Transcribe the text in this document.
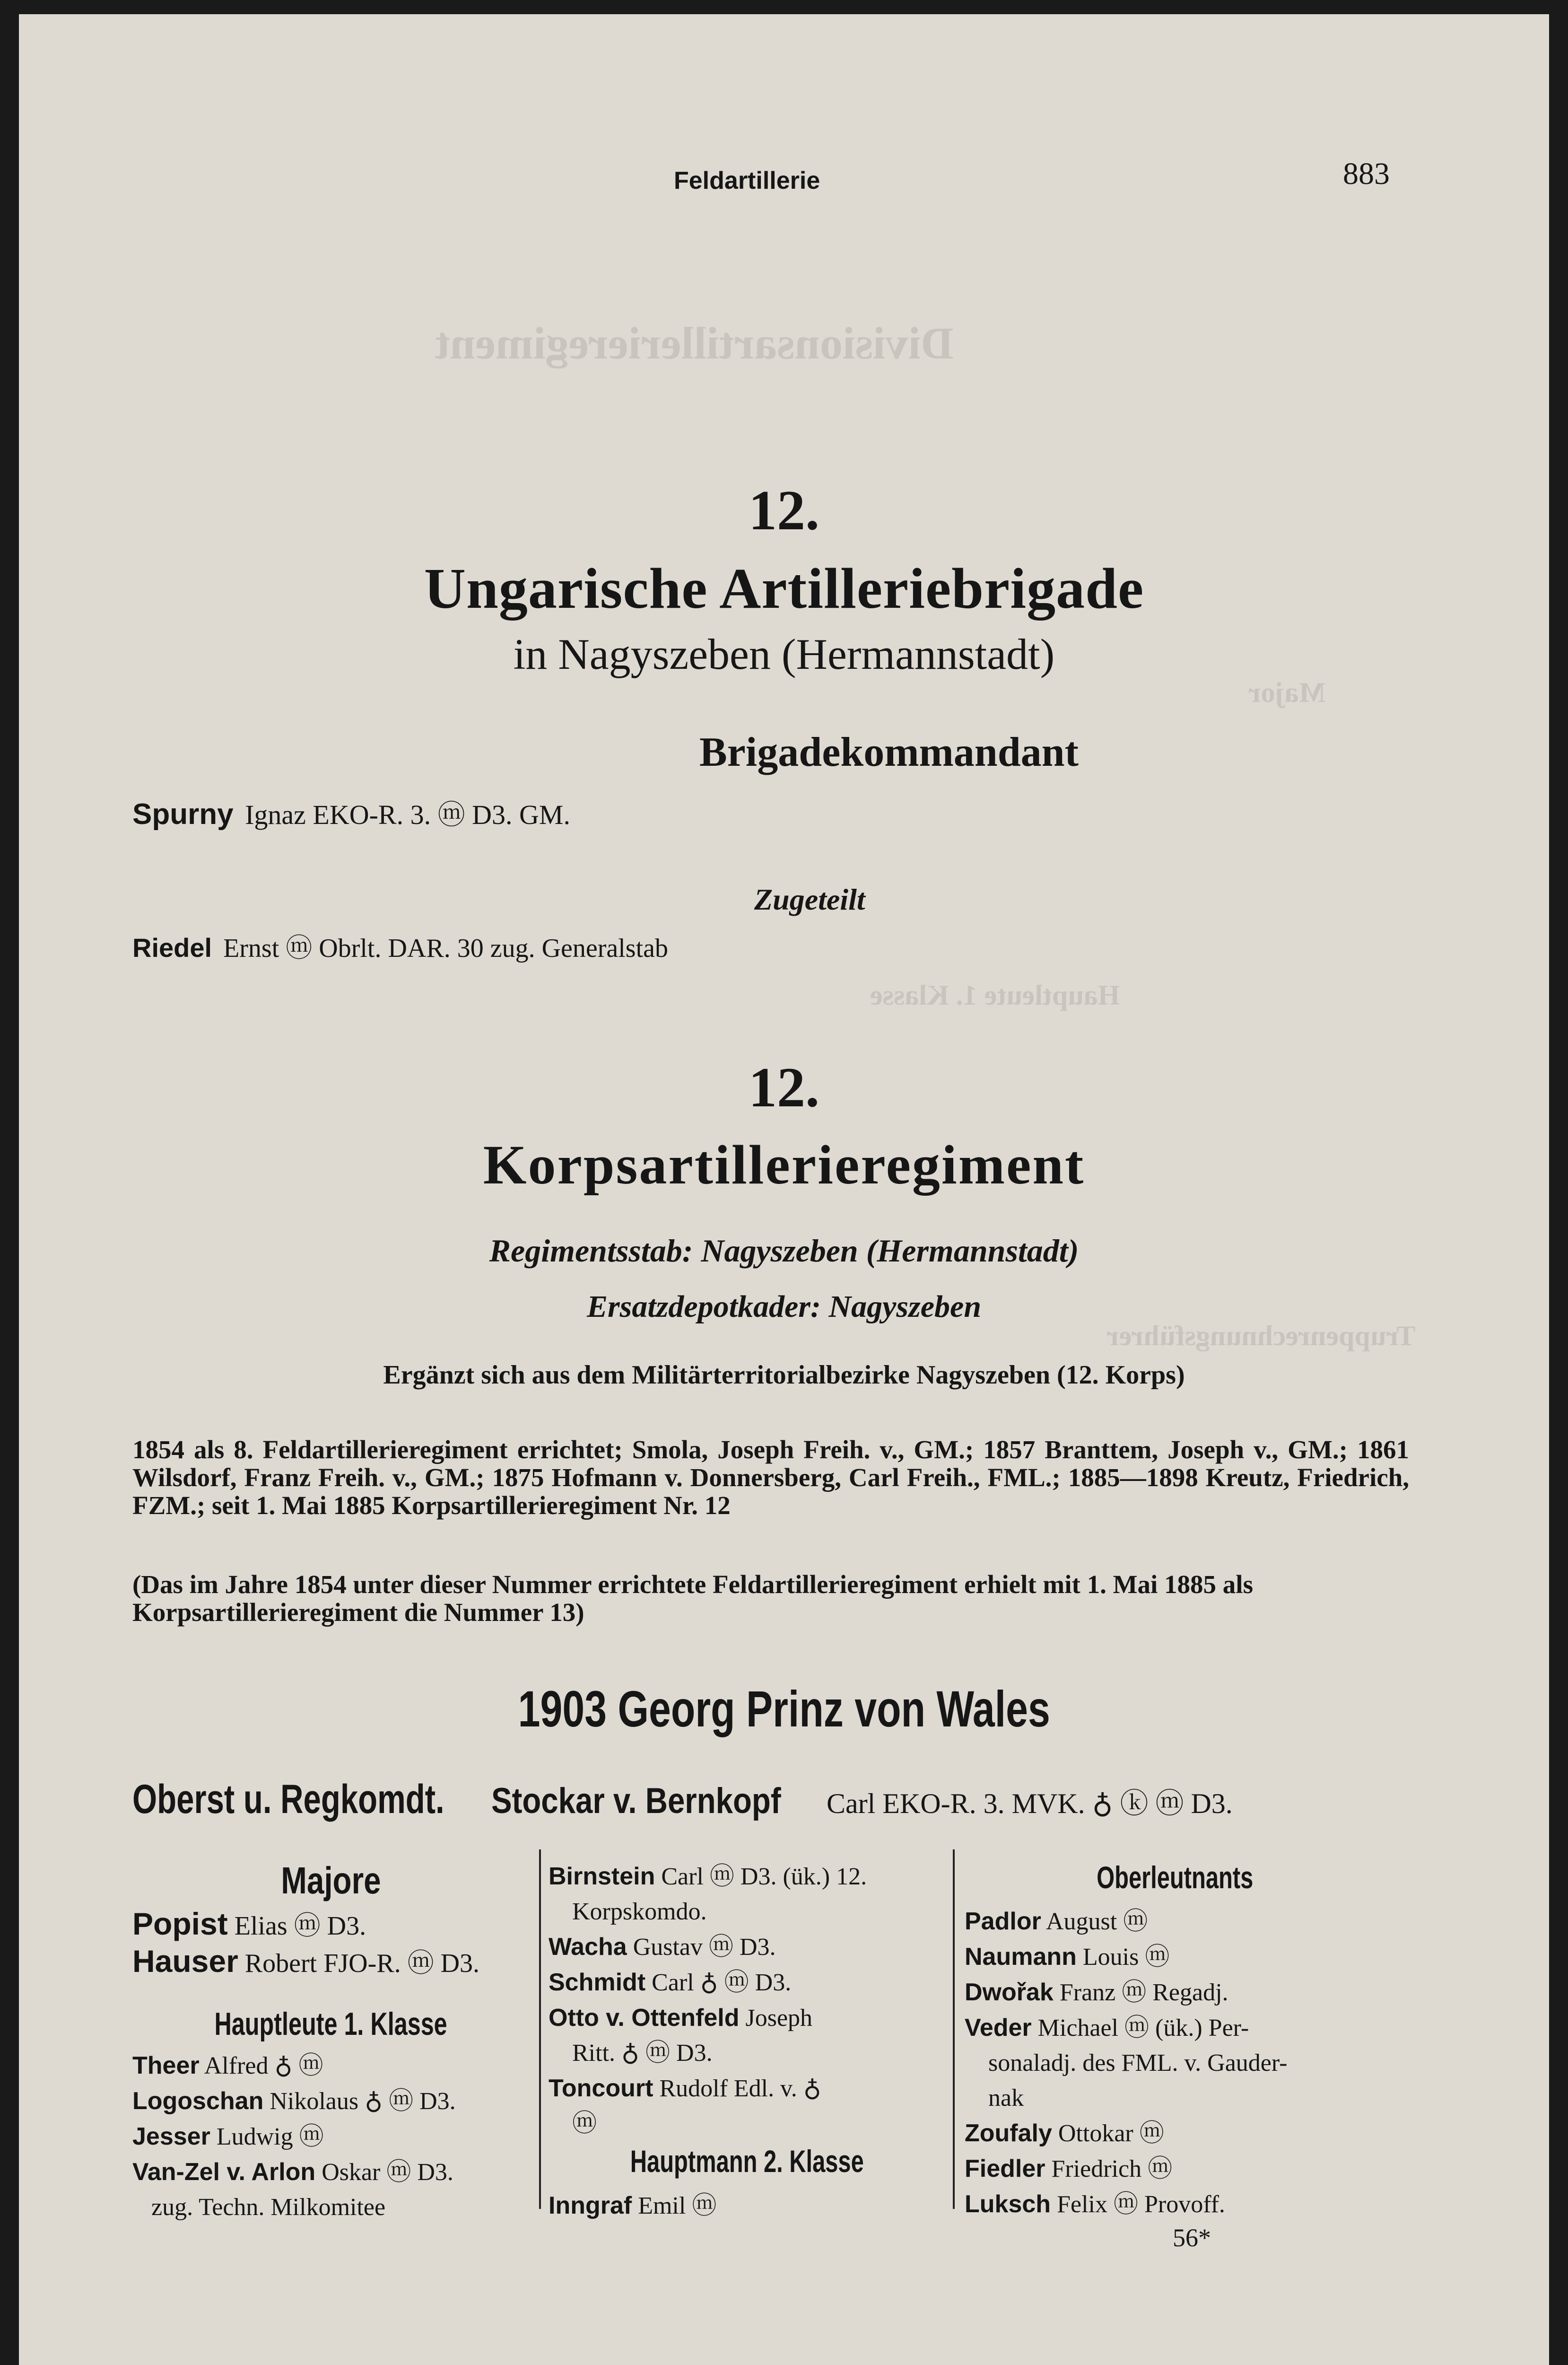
Divisionsartillerieregiment
Hauptleute 1. Klasse
Major
Truppenrechnungsführer
Feldartillerie	883
12.
Ungarische Artilleriebrigade
in Nagyszeben (Hermannstadt)
Brigadekommandant
Spurny Ignaz EKO-R. 3. ⓜ D3. GM.
Zugeteilt
Riedel Ernst ⓜ Obrlt. DAR. 30 zug. Generalstab
12.
Korpsartillerieregiment
Regimentsstab: Nagyszeben (Hermannstadt)
Ersatzdepotkader: Nagyszeben
Ergänzt sich aus dem Militärterritorialbezirke Nagyszeben (12. Korps)

1854 als 8. Feldartillerieregiment errichtet; Smola, Joseph Freih. v., GM.; 1857 Branttem, Joseph v., GM.; 1861 Wilsdorf, Franz Freih. v., GM.; 1875 Hofmann v. Donnersberg, Carl Freih., FML.; 1885—1898 Kreutz, Friedrich, FZM.; seit 1. Mai 1885 Korpsartillerieregiment Nr. 12

(Das im Jahre 1854 unter dieser Nummer errichtete Feldartillerieregiment erhielt mit 1. Mai 1885 als Korpsartillerieregiment die Nummer 13)

1903 Georg Prinz von Wales
Oberst u. Regkomdt. Stockar v. Bernkopf Carl EKO-R. 3. MVK. ♁ ⓚ ⓜ D3.
Majore
Popist Elias ⓜ D3.
Hauser Robert FJO-R. ⓜ D3.
Hauptleute 1. Klasse
Theer Alfred ♁ ⓜ
Logoschan Nikolaus ♁ ⓜ D3.
Jesser Ludwig ⓜ
Van-Zel v. Arlon Oskar ⓜ D3.
zug. Techn. Milkomitee
Birnstein Carl ⓜ D3. (ük.) 12.
Korpskomdo.
Wacha Gustav ⓜ D3.
Schmidt Carl ♁ ⓜ D3.
Otto v. Ottenfeld Joseph
Ritt. ♁ ⓜ D3.
Toncourt Rudolf Edl. v. ♁
ⓜ
Hauptmann 2. Klasse
Inngraf Emil ⓜ
Oberleutnants
Padlor August ⓜ
Naumann Louis ⓜ
Dwořak Franz ⓜ Regadj.
Veder Michael ⓜ (ük.) Per-
sonaladj. des FML. v. Gauder-
nak
Zoufaly Ottokar ⓜ
Fiedler Friedrich ⓜ
Luksch Felix ⓜ Provoff.
56*
